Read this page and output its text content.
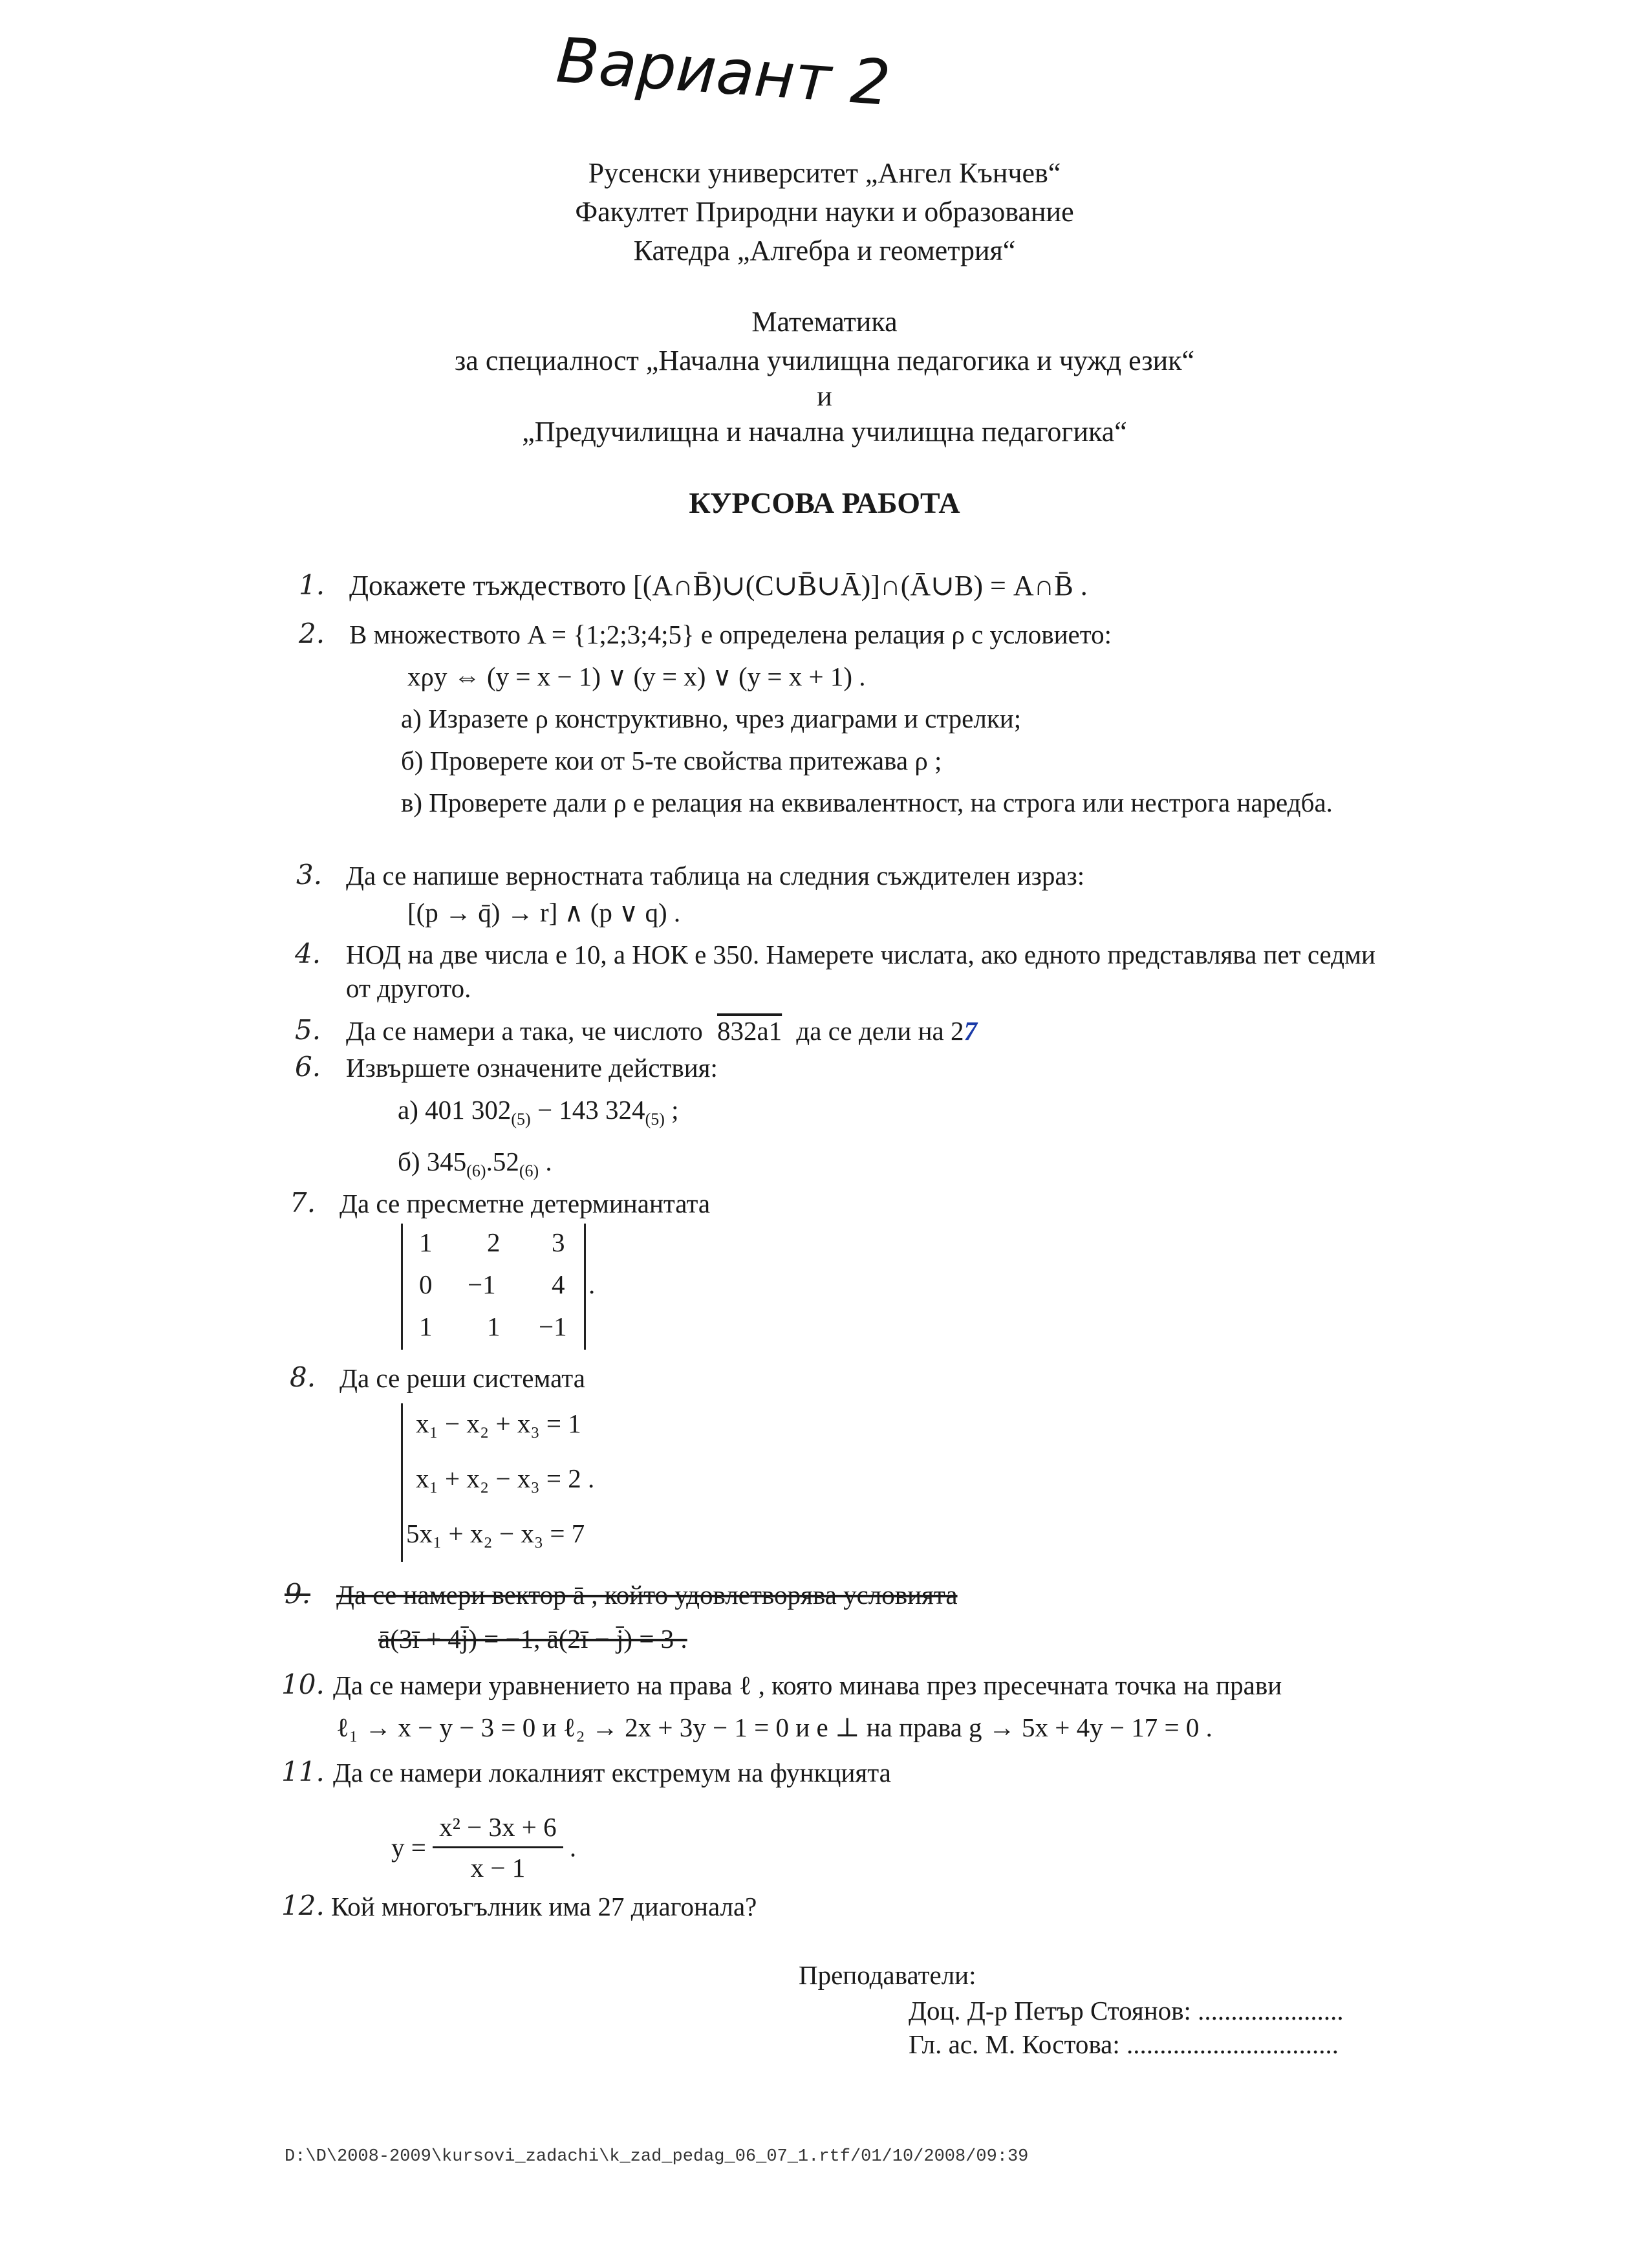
Вариант 2
Русенски университет „Ангел Кънчев“
Факултет Природни науки и образование
Катедра „Алгебра и геометрия“
Математика
за специалност „Начална училищна педагогика и чужд език“
и
„Предучилищна и начална училищна педагогика“
КУРСОВА РАБОТА
1. Докажете тъждеството [(A∩B̄)∪(C∪B̄∪Ā)]∩(Ā∪B) = A∩B̄ .
2. В множеството A = {1;2;3;4;5} е определена релация ρ с условието:
xρy ⇔ (y = x − 1) ∨ (y = x) ∨ (y = x + 1) .
а) Изразете ρ конструктивно, чрез диаграми и стрелки;
б) Проверете кои от 5-те свойства притежава ρ ;
в) Проверете дали ρ е релация на еквивалентност, на строга или нестрога наредба.
3. Да се напише верностната таблица на следния съждителен израз:
[(p → q̄) → r] ∧ (p ∨ q) .
4. НОД на две числа е 10, а НОК е 350. Намерете числата, ако едното представлява пет седми
от другото.
5. Да се намери a така, че числото 832a1 да се дели на 27
6. Извършете означените действия:
а) 401 $302_{(5)} - 143$ $324_{(5)}$ ;
б) $345_{(6)}.52_{(6)}$ .
7. Да се пресметне детерминантата
1 2 3
0 −1 4
1 1 −1
.
8. Да се реши системата
x₁ − x₂ + x₃ = 1
x₁ + x₂ − x₃ = 2 .
5x₁ + x₂ − x₃ = 7
9. Да се намери вектор ā , който удовлетворява условията
ā(3ī + 4j̄) = −1, ā(2ī − j̄) = 3 .
10. Да се намери уравнението на права ℓ , която минава през пресечната точка на прави
ℓ₁ → x − y − 3 = 0 и ℓ₂ → 2x + 3y − 1 = 0 и е ⊥ на права g → 5x + 4y − 17 = 0 .
11. Да се намери локалният екстремум на функцията
$y = \frac{\text{x² − 3x + 6}}{x - 1}$ .
12. Кой многоъгълник има 27 диагонала?
Преподаватели:
Доц. Д-р Петър Стоянов: ......................
Гл. ас. М. Костова: ................................
D:\D\2008-2009\kursovi_zadachi\k_zad_pedag_06_07_1.rtf/01/10/2008/09:39
